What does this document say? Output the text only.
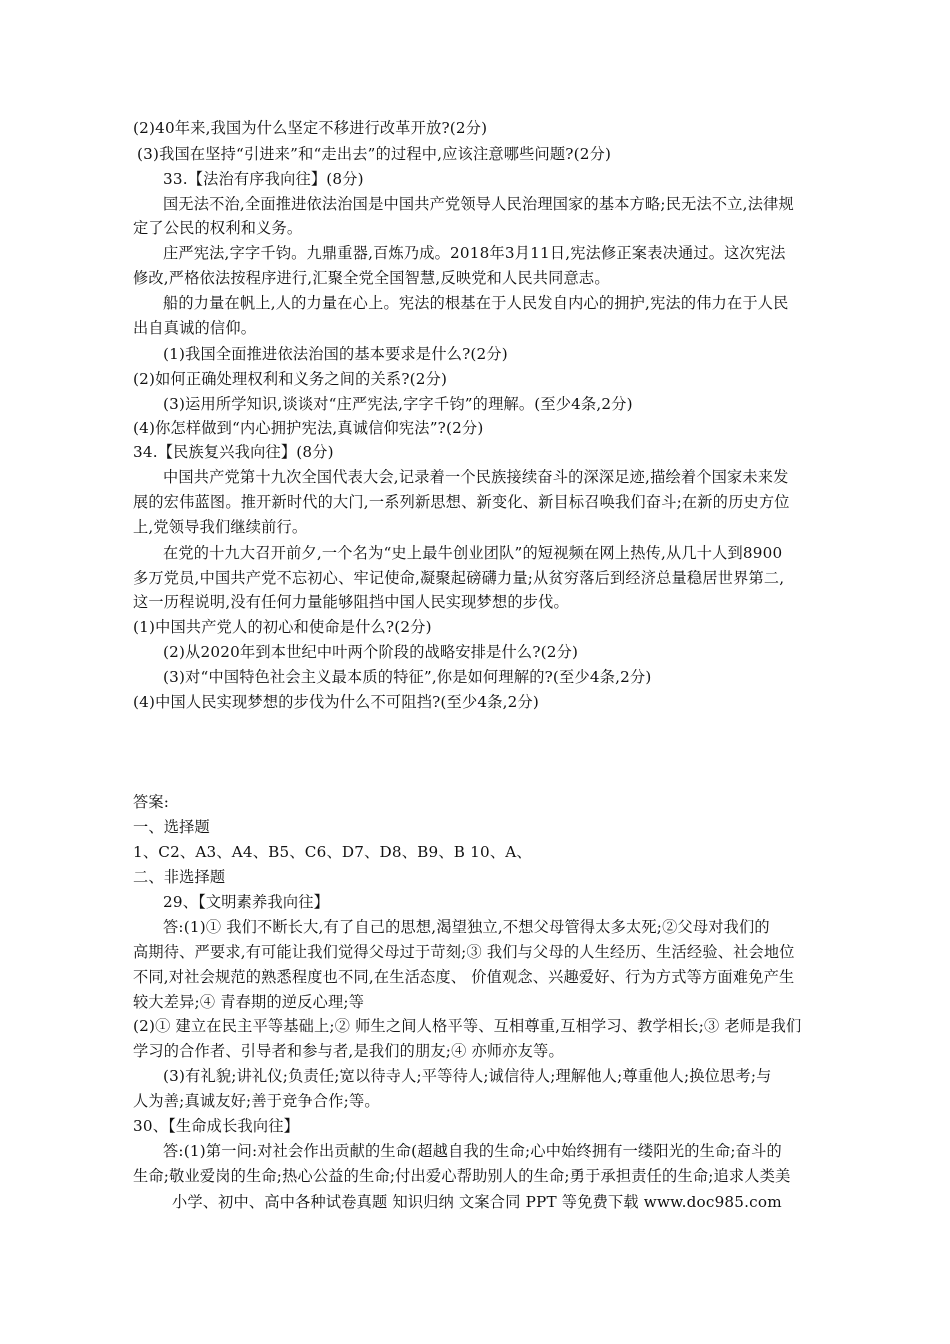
(2)40年来,我国为什么坚定不移进行改革开放?(2分)
(3)我国在坚持“引进来”和“走出去”的过程中,应该注意哪些问题?(2分)
33.【法治有序我向往】(8分)
国无法不治,全面推进依法治国是中国共产党领导人民治理国家的基本方略;民无法不立,法律规
定了公民的权利和义务。
庄严宪法,字字千钧。九鼎重器,百炼乃成。2018年3月11日,宪法修正案表决通过。这次宪法
修改,严格依法按程序进行,汇聚全党全国智慧,反映党和人民共同意志。
船的力量在帆上,人的力量在心上。宪法的根基在于人民发自内心的拥护,宪法的伟力在于人民
出自真诚的信仰。
(1)我国全面推进依法治国的基本要求是什么?(2分)
(2)如何正确处理权利和义务之间的关系?(2分)
(3)运用所学知识,谈谈对“庄严宪法,字字千钧”的理解。(至少4条,2分)
(4)你怎样做到“内心拥护宪法,真诚信仰宪法”?(2分)
34.【民族复兴我向往】(8分)
中国共产党第十九次全国代表大会,记录着一个民族接续奋斗的深深足迹,描绘着个国家未来发
展的宏伟蓝图。推开新时代的大门,一系列新思想、新变化、新目标召唤我们奋斗;在新的历史方位
上,党领导我们继续前行。
在党的十九大召开前夕,一个名为“史上最牛创业团队”的短视频在网上热传,从几十人到8900
多万党员,中国共产党不忘初心、牢记使命,凝聚起磅礴力量;从贫穷落后到经济总量稳居世界第二,
这一历程说明,没有任何力量能够阻挡中国人民实现梦想的步伐。
(1)中国共产党人的初心和使命是什么?(2分)
(2)从2020年到本世纪中叶两个阶段的战略安排是什么?(2分)
(3)对“中国特色社会主义最本质的特征”,你是如何理解的?(至少4条,2分)
(4)中国人民实现梦想的步伐为什么不可阻挡?(至少4条,2分)
答案:
一、选择题
1、C2、A3、A4、B5、C6、D7、D8、B9、B 10、A、
二、非选择题
29、【文明素养我向往】
答:(1)① 我们不断长大,有了自己的思想,渴望独立,不想父母管得太多太死;②父母对我们的
高期待、严要求,有可能让我们觉得父母过于苛刻;③ 我们与父母的人生经历、生活经验、社会地位
不同,对社会规范的熟悉程度也不同,在生活态度、 价值观念、兴趣爱好、行为方式等方面难免产生
较大差异;④ 青春期的逆反心理;等
(2)① 建立在民主平等基础上;② 师生之间人格平等、互相尊重,互相学习、教学相长;③ 老师是我们
学习的合作者、引导者和参与者,是我们的朋友;④ 亦师亦友等。
(3)有礼貌;讲礼仪;负责任;宽以待寺人;平等待人;诚信待人;理解他人;尊重他人;换位思考;与
人为善;真诚友好;善于竞争合作;等。
30、【生命成长我向往】
答:(1)第一问:对社会作出贡献的生命(超越自我的生命;心中始终拥有一缕阳光的生命;奋斗的
生命;敬业爱岗的生命;热心公益的生命;付出爱心帮助别人的生命;勇于承担责任的生命;追求人类美
小学、初中、高中各种试卷真题 知识归纳 文案合同 PPT 等免费下载 www.doc985.com
